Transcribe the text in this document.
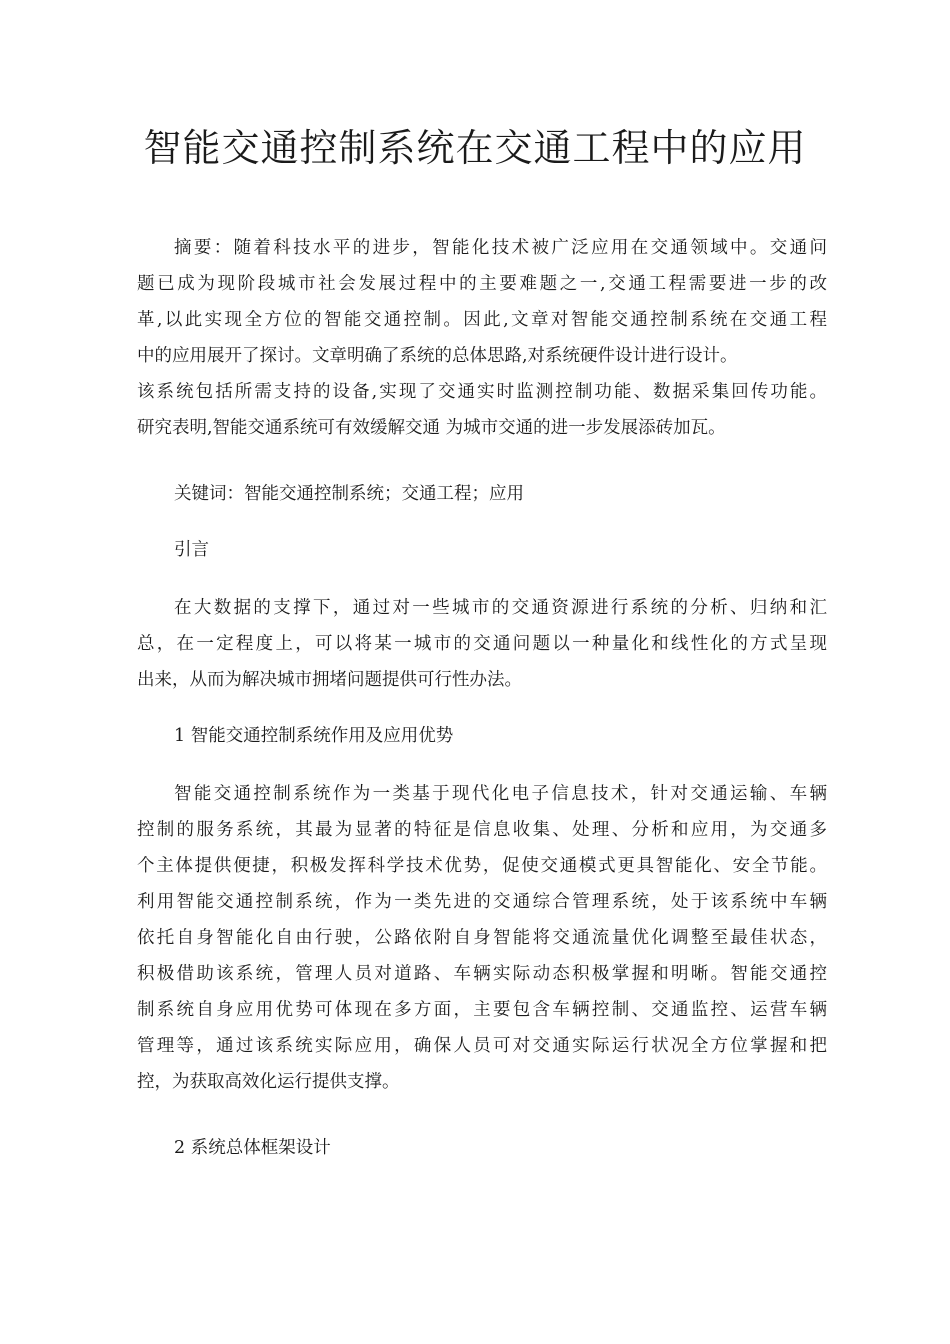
智能交通控制系统在交通工程中的应用
摘要：随着科技水平的进步，智能化技术被广泛应用在交通领域中。交通问
题已成为现阶段城市社会发展过程中的主要难题之一,交通工程需要进一步的改
革,以此实现全方位的智能交通控制。因此,文章对智能交通控制系统在交通工程
中的应用展开了探讨。文章明确了系统的总体思路,对系统硬件设计进行设计。
该系统包括所需支持的设备,实现了交通实时监测控制功能、数据采集回传功能。
研究表明,智能交通系统可有效缓解交通 为城市交通的进一步发展添砖加瓦。
关键词：智能交通控制系统；交通工程；应用
引言
在大数据的支撑下，通过对一些城市的交通资源进行系统的分析、归纳和汇
总，在一定程度上，可以将某一城市的交通问题以一种量化和线性化的方式呈现
出来，从而为解决城市拥堵问题提供可行性办法。
1 智能交通控制系统作用及应用优势
智能交通控制系统作为一类基于现代化电子信息技术，针对交通运输、车辆
控制的服务系统，其最为显著的特征是信息收集、处理、分析和应用，为交通多
个主体提供便捷，积极发挥科学技术优势，促使交通模式更具智能化、安全节能。
利用智能交通控制系统，作为一类先进的交通综合管理系统，处于该系统中车辆
依托自身智能化自由行驶，公路依附自身智能将交通流量优化调整至最佳状态，
积极借助该系统，管理人员对道路、车辆实际动态积极掌握和明晰。智能交通控
制系统自身应用优势可体现在多方面，主要包含车辆控制、交通监控、运营车辆
管理等，通过该系统实际应用，确保人员可对交通实际运行状况全方位掌握和把
控，为获取高效化运行提供支撑。
2 系统总体框架设计
